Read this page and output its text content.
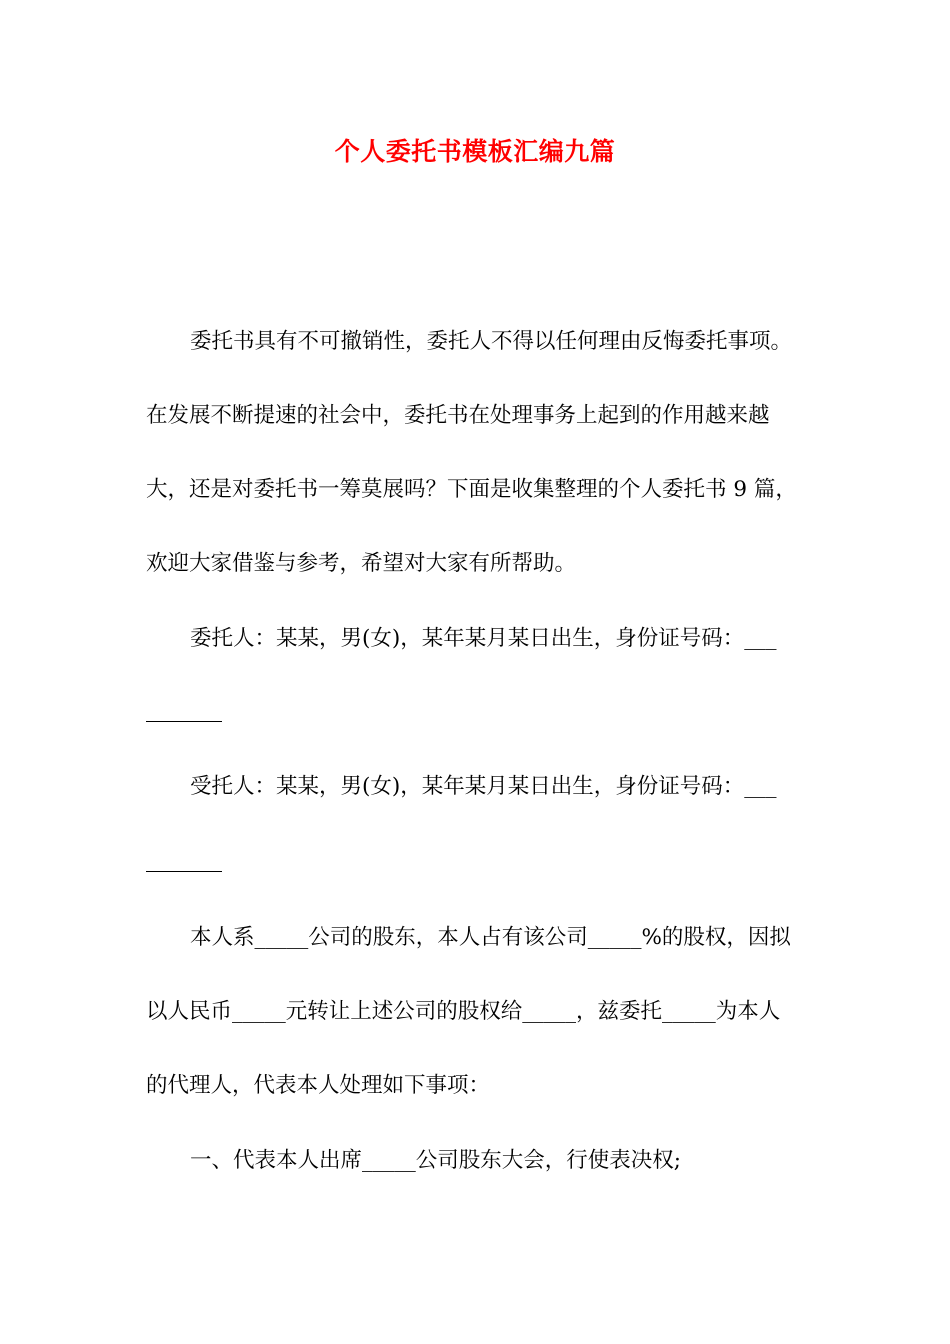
个人委托书模板汇编九篇
委托书具有不可撤销性，委托人不得以任何理由反悔委托事项。
在发展不断提速的社会中，委托书在处理事务上起到的作用越来越
大，还是对委托书一筹莫展吗？下面是收集整理的个人委托书 9 篇，
欢迎大家借鉴与参考，希望对大家有所帮助。
委托人：某某，男(女)，某年某月某日出生，身份证号码：___
受托人：某某，男(女)，某年某月某日出生，身份证号码：___
本人系_____公司的股东，本人占有该公司_____%的股权，因拟
以人民币_____元转让上述公司的股权给_____，兹委托_____为本人
的代理人，代表本人处理如下事项：
一、代表本人出席_____公司股东大会，行使表决权;
